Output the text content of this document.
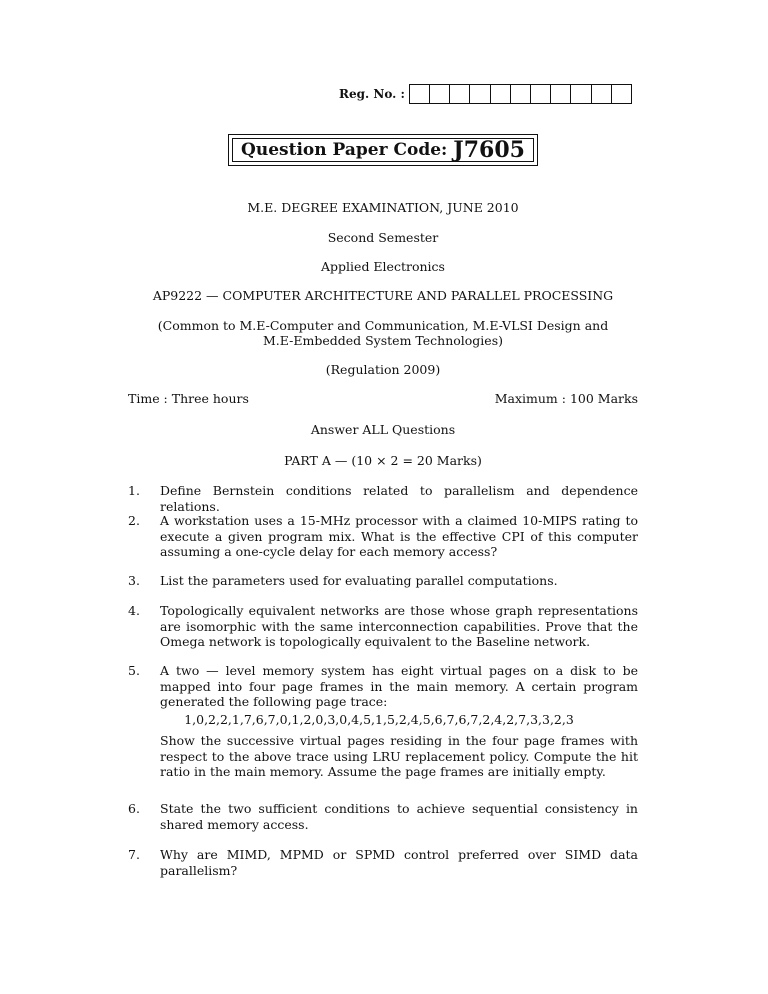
Reg. No. :
Question Paper Code: J7605
M.E. DEGREE EXAMINATION, JUNE 2010
Second Semester
Applied Electronics
AP9222 — COMPUTER ARCHITECTURE AND PARALLEL PROCESSING
(Common to M.E-Computer and Communication, M.E-VLSI Design and
M.E-Embedded System Technologies)
(Regulation 2009)
Time : Three hours	Maximum : 100 Marks
Answer ALL Questions
PART A — (10 × 2 = 20 Marks)
1.	Define Bernstein conditions related to parallelism and dependence relations.
2.	A workstation uses a 15-MHz processor with a claimed 10-MIPS rating to execute a given program mix. What is the effective CPI of this computer assuming a one-cycle delay for each memory access?
3.	List the parameters used for evaluating parallel computations.
4.	Topologically equivalent networks are those whose graph representations are isomorphic with the same interconnection capabilities. Prove that the Omega network is topologically equivalent to the Baseline network.
5.	A two — level memory system has eight virtual pages on a disk to be mapped into four page frames in the main memory. A certain program generated the following page trace:
1,0,2,2,1,7,6,7,0,1,2,0,3,0,4,5,1,5,2,4,5,6,7,6,7,2,4,2,7,3,3,2,3
Show the successive virtual pages residing in the four page frames with respect to the above trace using LRU replacement policy. Compute the hit ratio in the main memory. Assume the page frames are initially empty.
6.	State the two sufficient conditions to achieve sequential consistency in shared memory access.
7.	Why are MIMD, MPMD or SPMD control preferred over SIMD data parallelism?
